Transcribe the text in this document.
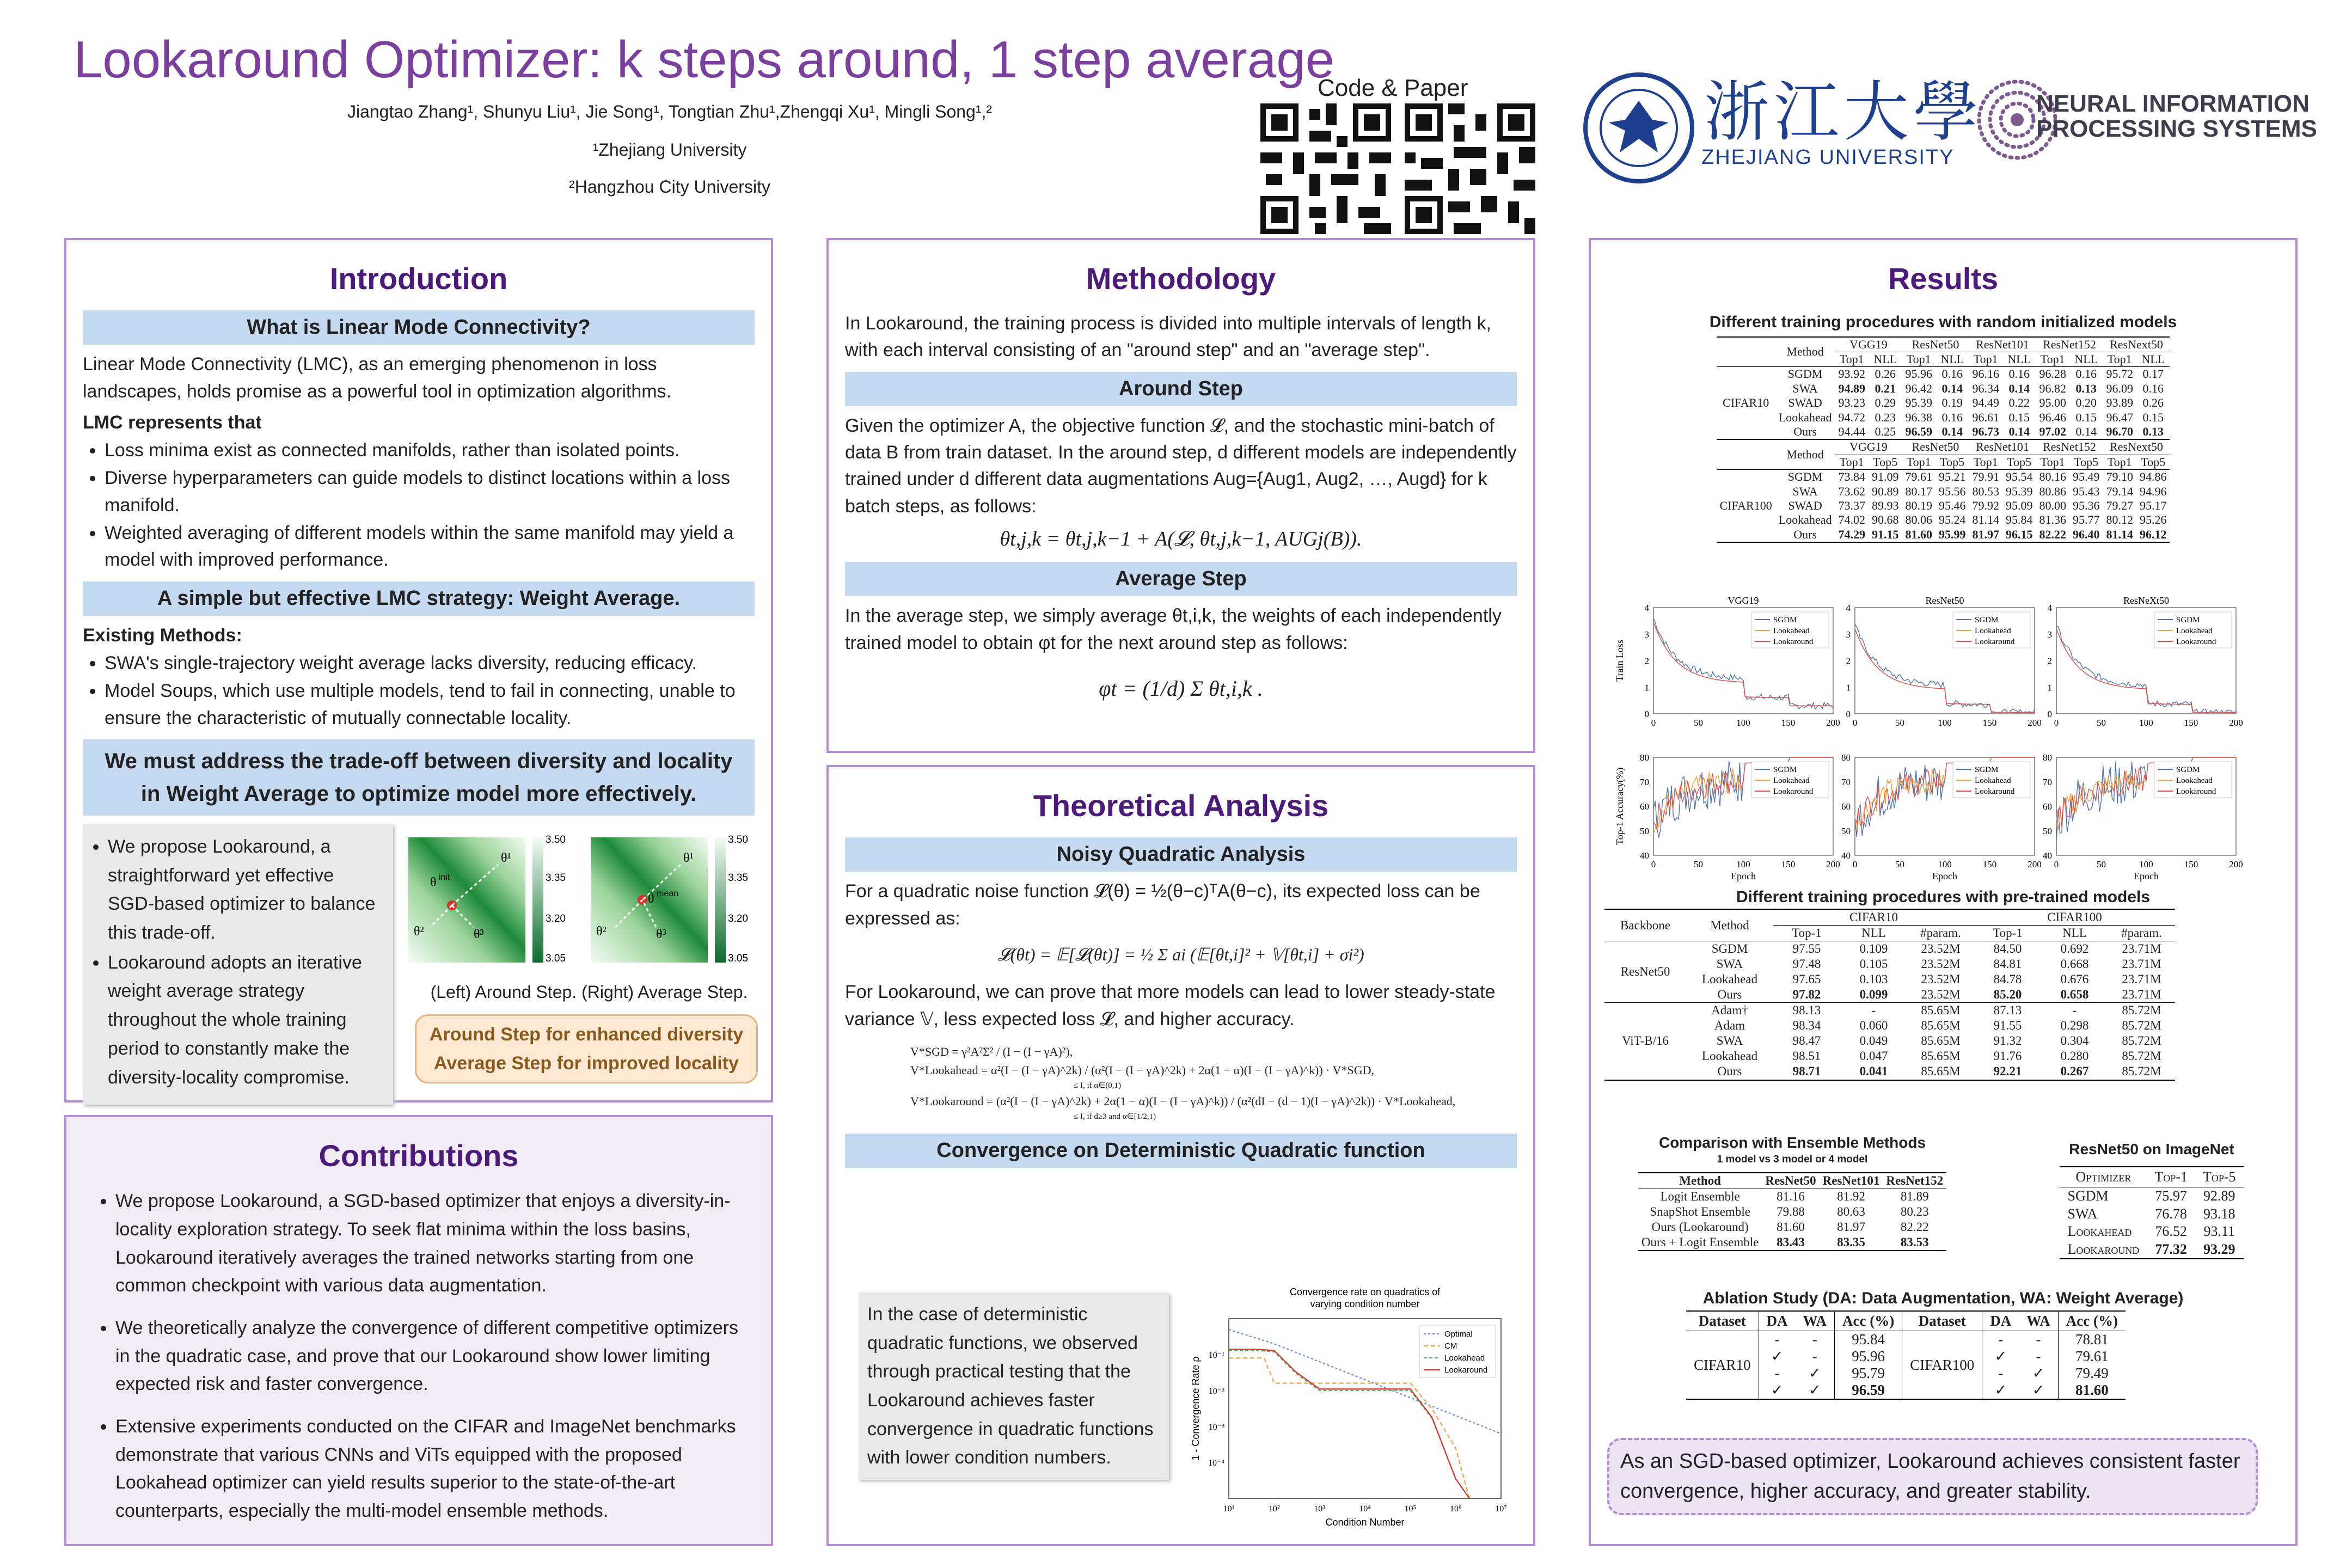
Lookaround Optimizer: k steps around, 1 step average
Jiangtao Zhang¹, Shunyu Liu¹, Jie Song¹, Tongtian Zhu¹,Zhengqi Xu¹, Mingli Song¹,²
¹Zhejiang University
²Hangzhou City University
Code & Paper	浙江大學
ZHEJIANG UNIVERSITY
NEURAL INFORMATION
PROCESSING SYSTEMS
Introduction
What is Linear Mode Connectivity?

Linear Mode Connectivity (LMC), as an emerging phenomenon in loss landscapes, holds promise as a powerful tool in optimization algorithms.

LMC represents that

• Loss minima exist as connected manifolds, rather than isolated points.
• Diverse hyperparameters can guide models to distinct locations within a loss manifold.
• Weighted averaging of different models within the same manifold may yield a model with improved performance.
A simple but effective LMC strategy: Weight Average.

Existing Methods:

• SWA's single-trajectory weight average lacks diversity, reducing efficacy.
• Model Soups, which use multiple models, tend to fail in connecting, unable to ensure the characteristic of mutually connectable locality.
We must address the trade-off between diversity and locality in Weight Average to optimize model more effectively.
• We propose Lookaround, a straightforward yet effective SGD-based optimizer to balance this trade-off.
• Lookaround adopts an iterative weight average strategy throughout the whole training period to constantly make the diversity-locality compromise.
θ init
θ¹
θ²	θ³
3.50
3.35
3.20
3.05
θ¹
θ²	θ³
θ mean
3.50
3.35
3.20
3.05
(Left) Around Step. (Right) Average Step.
Around Step for enhanced diversity
Average Step for improved locality
Contributions
• We propose Lookaround, a SGD-based optimizer that enjoys a diversity-in-locality exploration strategy. To seek flat minima within the loss basins, Lookaround iteratively averages the trained networks starting from one common checkpoint with various data augmentation.
• We theoretically analyze the convergence of different competitive optimizers in the quadratic case, and prove that our Lookaround show lower limiting expected risk and faster convergence.
• Extensive experiments conducted on the CIFAR and ImageNet benchmarks demonstrate that various CNNs and ViTs equipped with the proposed Lookahead optimizer can yield results superior to the state-of-the-art counterparts, especially the multi-model ensemble methods.
Methodology

In Lookaround, the training process is divided into multiple intervals of length k, with each interval consisting of an "around step" and an "average step".

Around Step

Given the optimizer A, the objective function 𝓛, and the stochastic mini-batch of data B from train dataset. In the around step, d different models are independently trained under d different data augmentations Aug={Aug1, Aug2, …, Augd} for k batch steps, as follows:

θt,j,k = θt,j,k−1 + A(𝓛, θt,j,k−1, AUGj(B)).
Average Step

In the average step, we simply average θt,i,k, the weights of each independently trained model to obtain φt for the next around step as follows:

φt = (1/d) Σ θt,i,k .
Theoretical Analysis
Noisy Quadratic Analysis

For a quadratic noise function 𝓛(θ) = ½(θ−c)ᵀA(θ−c), its expected loss can be expressed as:

𝓛(θt) = 𝔼[𝓛(θt)] = ½ Σ ai (𝔼[θt,i]² + 𝕍[θt,i] + σi²)

For Lookaround, we can prove that more models can lead to lower steady-state variance 𝕍, less expected loss 𝓛, and higher accuracy.

V*SGD = γ²A²Σ² / (I − (I − γA)²),
V*Lookahead = α²(I − (I − γA)^2k) / (α²(I − (I − γA)^2k) + 2α(1 − α)(I − (I − γA)^k)) · V*SGD,
≤ I, if α∈(0,1)
V*Lookaround = (α²(I − (I − γA)^2k) + 2α(1 − α)(I − (I − γA)^k)) / (α²(dI − (d − 1)(I − γA)^2k)) · V*Lookahead,
≤ I, if d≥3 and α∈[1/2,1)
Convergence on Deterministic Quadratic function
In the case of deterministic quadratic functions, we observed through practical testing that the Lookaround achieves faster convergence in quadratic functions with lower condition numbers.
Convergence rate on quadratics of
varying condition number
10¹	10²	10³	10⁴	10⁵	10⁶	10⁷
10⁻¹
10⁻²
10⁻³
10⁻⁴
Condition Number
1 - Convergence Rate ρ
Optimal
CM
Lookahead
Lookaround
Results
Different training procedures with random initialized models
	Method	VGG19		ResNet50		ResNet101		ResNet152		ResNext50	
		Top1	NLL	Top1	NLL	Top1	NLL	Top1	NLL	Top1	NLL
CIFAR10	SGDM	93.92	0.26	95.96	0.16	96.16	0.16	96.28	0.16	95.72	0.17
	SWA	94.89	0.21	96.42	0.14	96.34	0.14	96.82	0.13	96.09	0.16
	SWAD	93.23	0.29	95.39	0.19	94.49	0.22	95.00	0.20	93.89	0.26
	Lookahead	94.72	0.23	96.38	0.16	96.61	0.15	96.46	0.15	96.47	0.15
	Ours	94.44	0.25	96.59	0.14	96.73	0.14	97.02	0.14	96.70	0.13
	Method	VGG19		ResNet50		ResNet101		ResNet152		ResNext50	
		Top1	Top5	Top1	Top5	Top1	Top5	Top1	Top5	Top1	Top5
CIFAR100	SGDM	73.84	91.09	79.61	95.21	79.91	95.54	80.16	95.49	79.10	94.86
	SWA	73.62	90.89	80.17	95.56	80.53	95.39	80.86	95.43	79.14	94.96
	SWAD	73.37	89.93	80.19	95.46	79.92	95.09	80.00	95.36	79.27	95.17
	Lookahead	74.02	90.68	80.06	95.24	81.14	95.84	81.36	95.77	80.12	95.26
	Ours	74.29	91.15	81.60	95.99	81.97	96.15	82.22	96.40	81.14	96.12
VGG19
4
3
2
1
0
0	50	100	150	200
SGDM
Lookahead
Lookaround
Train Loss
80
70
60
50
40
0	50	100	150	200
SGDM
Lookahead
Lookaround
Top-1 Accuracy(%)
Epoch
ResNet50
4
3
2
1
0
0	50	100	150	200
SGDM
Lookahead
Lookaround
80
70
60
50
40
0	50	100	150	200
SGDM
Lookahead
Lookaround
Epoch
ResNeXt50
4
3
2
1
0
0	50	100	150	200
SGDM
Lookahead
Lookaround
80
70
60
50
40
0	50	100	150	200
SGDM
Lookahead
Lookaround
Epoch
Different training procedures with pre-trained models
Backbone	Method	CIFAR10			CIFAR100		
		Top-1	NLL	#param.	Top-1	NLL	#param.
ResNet50	SGDM	97.55	0.109	23.52M	84.50	0.692	23.71M
	SWA	97.48	0.105	23.52M	84.81	0.668	23.71M
	Lookahead	97.65	0.103	23.52M	84.78	0.676	23.71M
	Ours	97.82	0.099	23.52M	85.20	0.658	23.71M
ViT-B/16	Adam†	98.13	-	85.65M	87.13	-	85.72M
	Adam	98.34	0.060	85.65M	91.55	0.298	85.72M
	SWA	98.47	0.049	85.65M	91.32	0.304	85.72M
	Lookahead	98.51	0.047	85.65M	91.76	0.280	85.72M
	Ours	98.71	0.041	85.65M	92.21	0.267	85.72M
Comparison with Ensemble Methods
1 model vs 3 model or 4 model
Method	ResNet50	ResNet101	ResNet152
Logit Ensemble	81.16	81.92	81.89
SnapShot Ensemble	79.88	80.63	80.23
Ours (Lookaround)	81.60	81.97	82.22
Ours + Logit Ensemble	83.43	83.35	83.53
ResNet50 on ImageNet
Optimizer	Top-1	Top-5
SGDM	75.97	92.89
SWA	76.78	93.18
Lookahead	76.52	93.11
Lookaround	77.32	93.29
Ablation Study (DA: Data Augmentation, WA: Weight Average)
Dataset	DA	WA	Acc (%)	Dataset	DA	WA	Acc (%)
CIFAR10	-	-	95.84	CIFAR100	-	-	78.81
	✓	-	95.96		✓	-	79.61
	-	✓	95.79		-	✓	79.49
	✓	✓	96.59		✓	✓	81.60
As an SGD-based optimizer, Lookaround achieves consistent faster convergence, higher accuracy, and greater stability.
